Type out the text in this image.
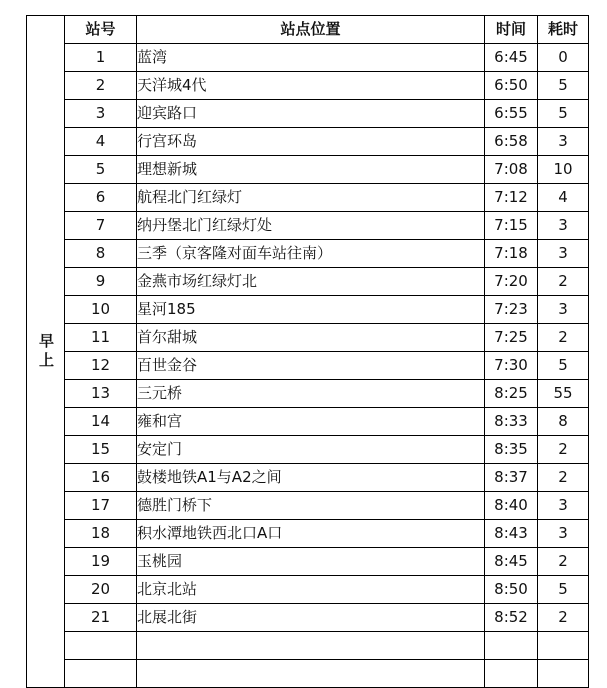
早上	站号	站点位置	时间	耗时
	1	蓝湾	6:45	0
	2	天洋城4代	6:50	5
	3	迎宾路口	6:55	5
	4	行宫环岛	6:58	3
	5	理想新城	7:08	10
	6	航程北门红绿灯	7:12	4
	7	纳丹堡北门红绿灯处	7:15	3
	8	三季（京客隆对面车站往南）	7:18	3
	9	金燕市场红绿灯北	7:20	2
	10	星河185	7:23	3
	11	首尔甜城	7:25	2
	12	百世金谷	7:30	5
	13	三元桥	8:25	55
	14	雍和宫	8:33	8
	15	安定门	8:35	2
	16	鼓楼地铁A1与A2之间	8:37	2
	17	德胜门桥下	8:40	3
	18	积水潭地铁西北口A口	8:43	3
	19	玉桃园	8:45	2
	20	北京北站	8:50	5
	21	北展北街	8:52	2
